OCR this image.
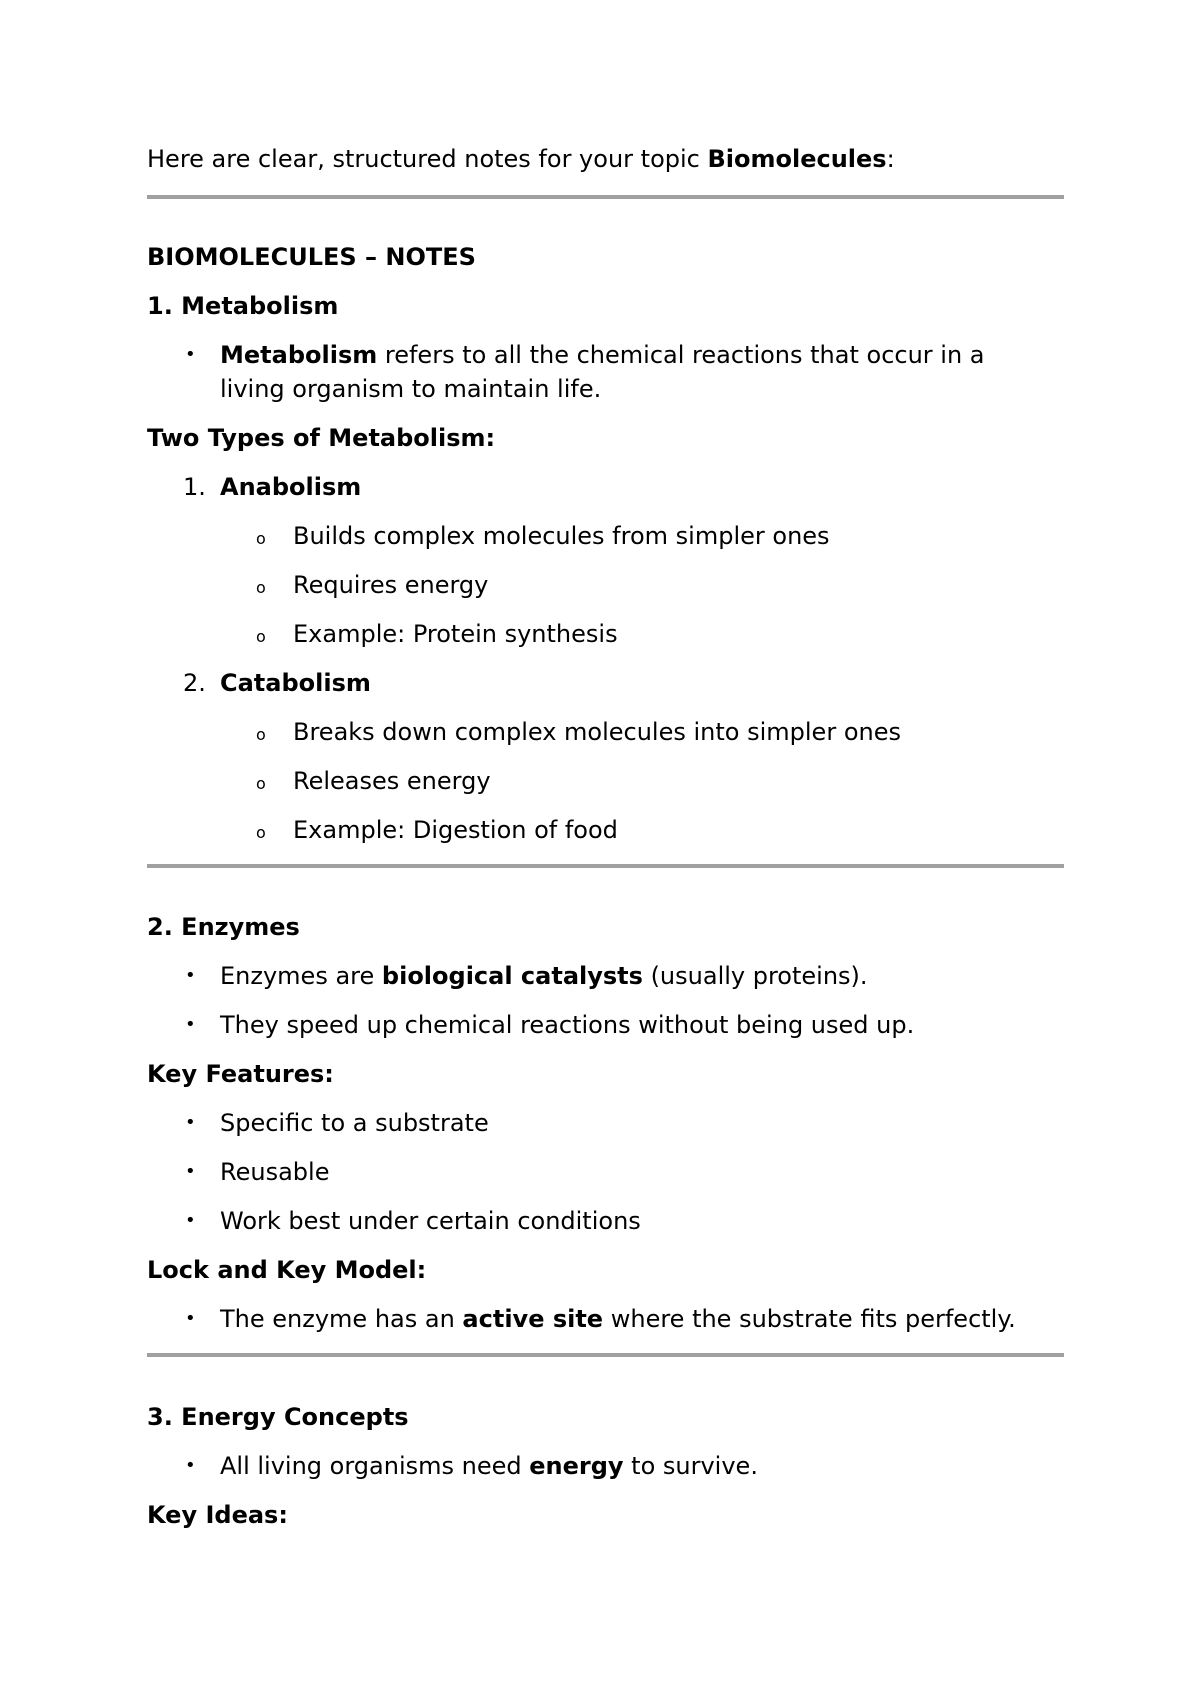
Here are clear, structured notes for your topic Biomolecules:
BIOMOLECULES – NOTES
1. Metabolism
• Metabolism refers to all the chemical reactions that occur in a
living organism to maintain life.
Two Types of Metabolism:
1. Anabolism
o Builds complex molecules from simpler ones
o Requires energy
o Example: Protein synthesis
2. Catabolism
o Breaks down complex molecules into simpler ones
o Releases energy
o Example: Digestion of food
2. Enzymes
• Enzymes are biological catalysts (usually proteins).
• They speed up chemical reactions without being used up.
Key Features:
• Specific to a substrate
• Reusable
• Work best under certain conditions
Lock and Key Model:
• The enzyme has an active site where the substrate fits perfectly.
3. Energy Concepts
• All living organisms need energy to survive.
Key Ideas:
